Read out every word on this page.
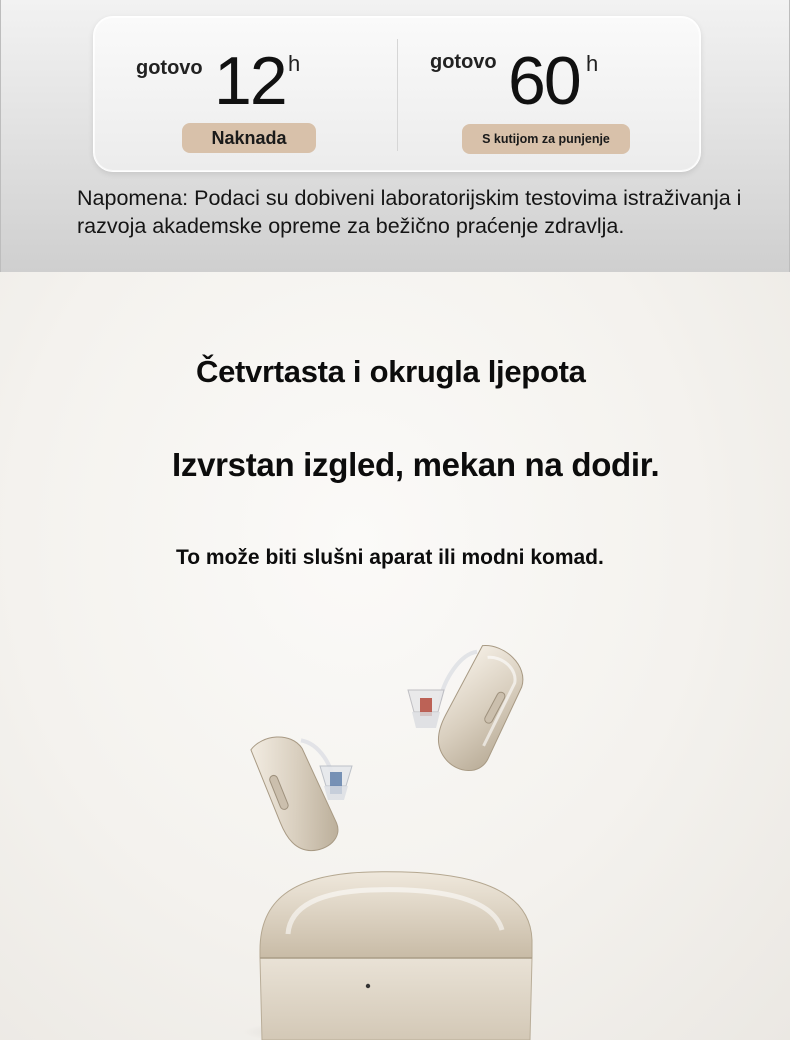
gotovo 12 h
Naknada
gotovo 60 h
S kutijom za punjenje

Napomena: Podaci su dobiveni laboratorijskim testovima istraživanja i razvoja akademske opreme za bežično praćenje zdravlja.

Četvrtasta i okrugla ljepota
Izvrstan izgled, mekan na dodir.

To može biti slušni aparat ili modni komad.
